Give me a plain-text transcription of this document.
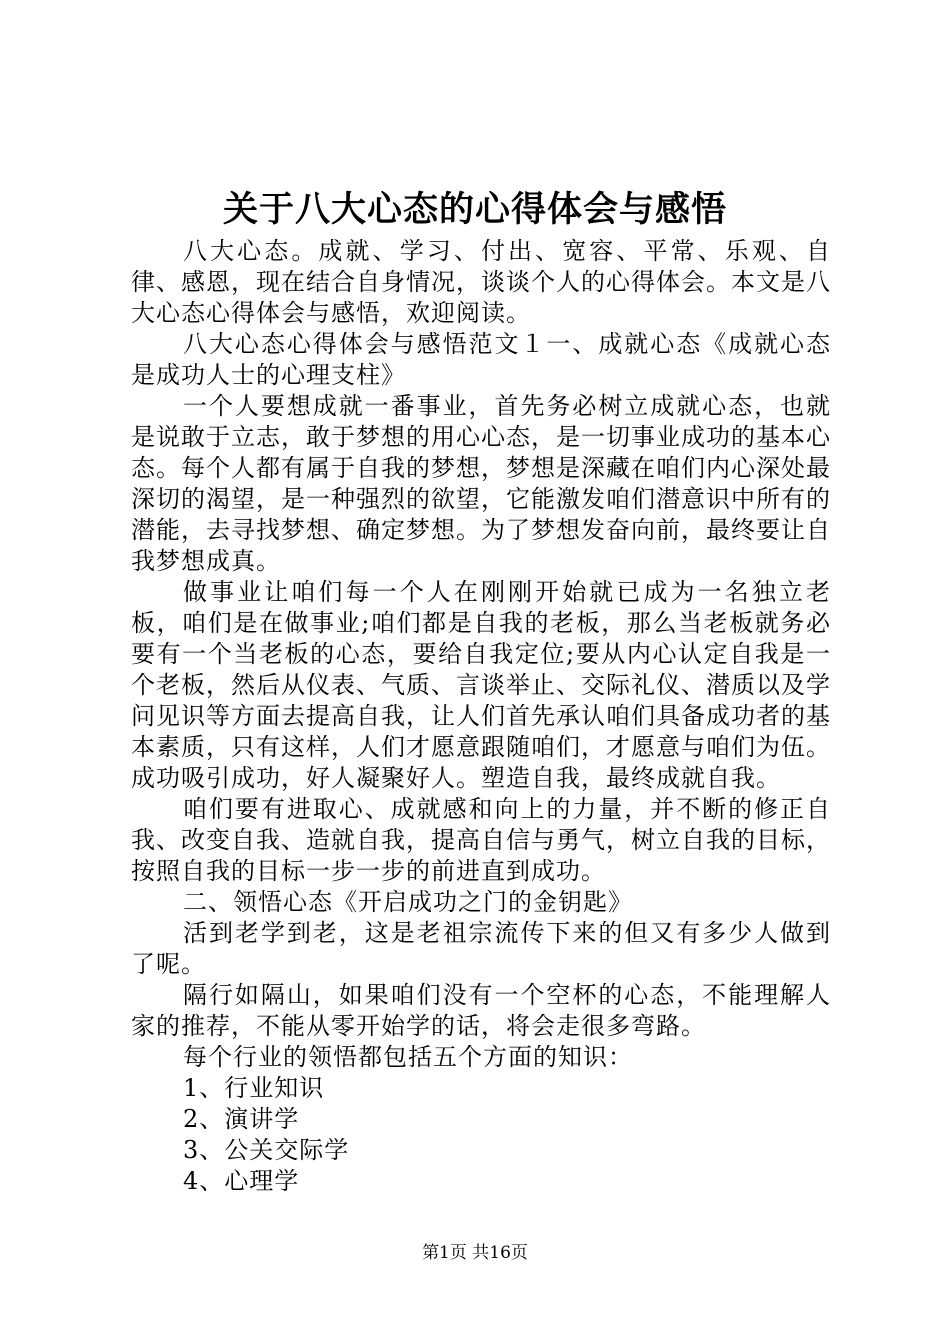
关于八大心态的心得体会与感悟

八大心态。成就、学习、付出、宽容、平常、乐观、自律、感恩，现在结合自身情况，谈谈个人的心得体会。本文是八大心态心得体会与感悟，欢迎阅读。

八大心态心得体会与感悟范文１一、成就心态《成就心态是成功人士的心理支柱》

一个人要想成就一番事业，首先务必树立成就心态，也就是说敢于立志，敢于梦想的用心心态，是一切事业成功的基本心态。每个人都有属于自我的梦想，梦想是深藏在咱们内心深处最深切的渴望，是一种强烈的欲望，它能激发咱们潜意识中所有的潜能，去寻找梦想、确定梦想。为了梦想发奋向前，最终要让自我梦想成真。

做事业让咱们每一个人在刚刚开始就已成为一名独立老板，咱们是在做事业;咱们都是自我的老板，那么当老板就务必要有一个当老板的心态，要给自我定位;要从内心认定自我是一个老板，然后从仪表、气质、言谈举止、交际礼仪、潜质以及学问见识等方面去提高自我，让人们首先承认咱们具备成功者的基本素质，只有这样，人们才愿意跟随咱们，才愿意与咱们为伍。成功吸引成功，好人凝聚好人。塑造自我，最终成就自我。

咱们要有进取心、成就感和向上的力量，并不断的修正自我、改变自我、造就自我，提高自信与勇气，树立自我的目标，按照自我的目标一步一步的前进直到成功。

二、领悟心态《开启成功之门的金钥匙》

活到老学到老，这是老祖宗流传下来的但又有多少人做到了呢。

隔行如隔山，如果咱们没有一个空杯的心态，不能理解人家的推荐，不能从零开始学的话，将会走很多弯路。

每个行业的领悟都包括五个方面的知识：

1、行业知识

2、演讲学

3、公关交际学

4、心理学

第1页 共16页
